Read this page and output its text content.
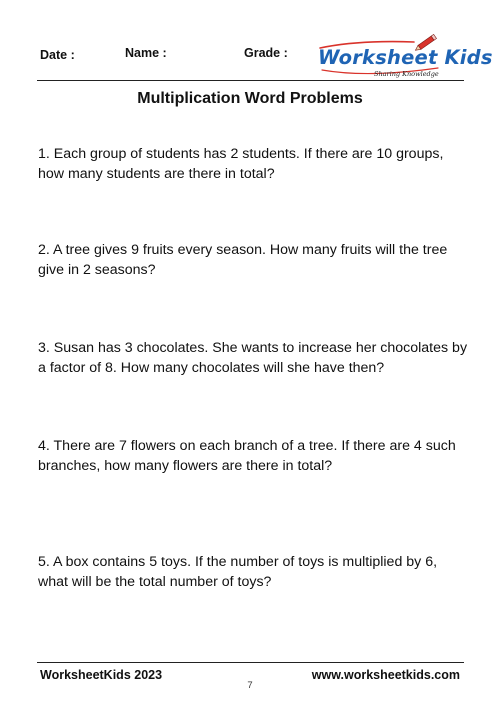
Date :	Name :	Grade : Worksheet Kids
Sharing Knowledge
Multiplication Word Problems
1. Each group of students has 2 students. If there are 10 groups, how many students are there in total?
2. A tree gives 9 fruits every season. How many fruits will the tree give in 2 seasons?
3. Susan has 3 chocolates. She wants to increase her chocolates by a factor of 8. How many chocolates will she have then?
4. There are 7 flowers on each branch of a tree. If there are 4 such branches, how many flowers are there in total?
5. A box contains 5 toys. If the number of toys is multiplied by 6, what will be the total number of toys?
WorksheetKids 2023	www.worksheetkids.com
7
